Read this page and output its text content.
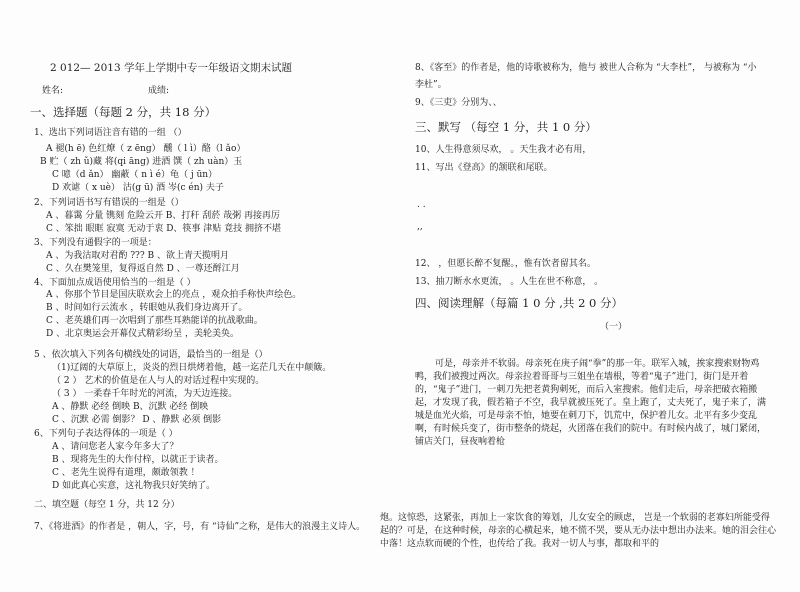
2 012— 2013 学年上学期中专一年级语文期末试题
姓名:	成绩:
一、选择题（每题 2 分，共 18 分）
1、选出下列词语注音有错的一组 （）
A 褪(h ē) 色红燎（ z ēng） 醺（ l ì）酪（l ǎo）
B 贮（ zh ǔ)藏 将(qi āng) 进酒 馔（ zh uàn）玉
C 噫（d ǎn） 幽蔽（ n ì é）龟（ j ūn）
D 欢谑（ x uè） 沽(g ū) 酒 岑(c én) 夫子
2、下列词语书写有错误的一组是（）
A 、暮霭 分量 镌刻 危险云开 B、打秆 刮菸 哉粥 再接再厉
C 、笨拙 眼眶 寂寞 无动于衷 D、筷事 津贴 竟技 拥挤不堪
3、下列没有通假字的一项是：
A 、为我沽取对君酌 ??? B 、欲上青天揽明月
C 、久在樊笼里，复得返自然 D 、一尊还酹江月
4、下面加点成语使用恰当的一组是（ ）
A 、你那个节目是国庆联欢会上的亮点 ，观众拍手称快声绘色。
B 、时间如行云流水 ，转眼她从我们身边离开了。
C 、老英雄们再一次唱到了那些耳熟能详的抗战歌曲。
D 、北京奥运会开幕仪式精彩纷呈 ，美轮美奂。
5 、依次填入下列各句横线处的词语，最恰当的一组是（）
（1)辽阔的大草原上，炎炎的烈日烘烤着他，越一迄茫几天在中颠簸。
（ 2 ） 艺术的价值是在人与人的对话过程中实现的。
（ 3 ） 一柔春千年时光的河流，为天边连接。
A 、静默 必经 倒映 B、沉默 必经 倒映
C 、沉默 必需 倒影？ D 、静默 必须 倒影
6、下列句子表达得体的一项是（ ）
A 、请问您老人家今年多大了？
B 、现将先生的大作付梓，以就正于读者。
C 、老先生说得有道理，颇敢领教 ！
D 如此真心实意，这礼物我只好笑纳了。
二、填空题（每空 1 分，共 12 分）
7、《将进酒》的作者是 ，朝人，字，号，有 “诗仙”之称，是伟大的浪漫主义诗人。
8、《客至》的作者是，他的诗歌被称为，他与 被世人合称为 “大李杜”， 与被称为 “小
李杜”。
9、《三吏》分别为、、
三、默写 （每空 1 分，共 1 0 分）
10、人生得意须尽欢， 。天生我才必有用，
11、写出《登高》的颔联和尾联。
. .
,,
12、 ，但愿长醉不复醒。，惟有饮者留其名。
13、抽刀断水水更流， 。人生在世不称意， 。
四、阅读理解（每篇 1 0 分 ,共 2 0 分）
（一）
可是，母亲并不软弱。母亲死在庚子闹“拳”的那一年。联军入城，挨家搜索财物鸡鸭，我们被搜过两次。母亲拉着哥哥与三姐坐在墙根，等着“鬼子”进门，街门是开着的，“鬼子”进门，一刺刀先把老黄狗刺死，而后入室搜索。他们走后，母亲把破衣箱搬起，才发现了我，假若箱子不空，我早就被压死了。皇上跑了，丈夫死了，鬼子来了，满城是血光火焰，可是母亲不怕，她要在刺刀下，饥荒中，保护着儿女。北平有多少变乱啊，有时候兵变了，街市整条的烧起，火团落在我们的院中。有时候内战了，城门紧闭，铺店关门，昼夜响着枪
炮。这惊恐，这紧张，再加上一家饮食的筹划，儿女安全的顾虑， 岂是一个软弱的老寡妇所能受得起的？可是，在这种时候，母亲的心横起来，她不慌不哭，要从无办法中想出办法来。她的泪会往心中落！这点软而硬的个性，也传给了我。我对一切人与事，都取和平的
